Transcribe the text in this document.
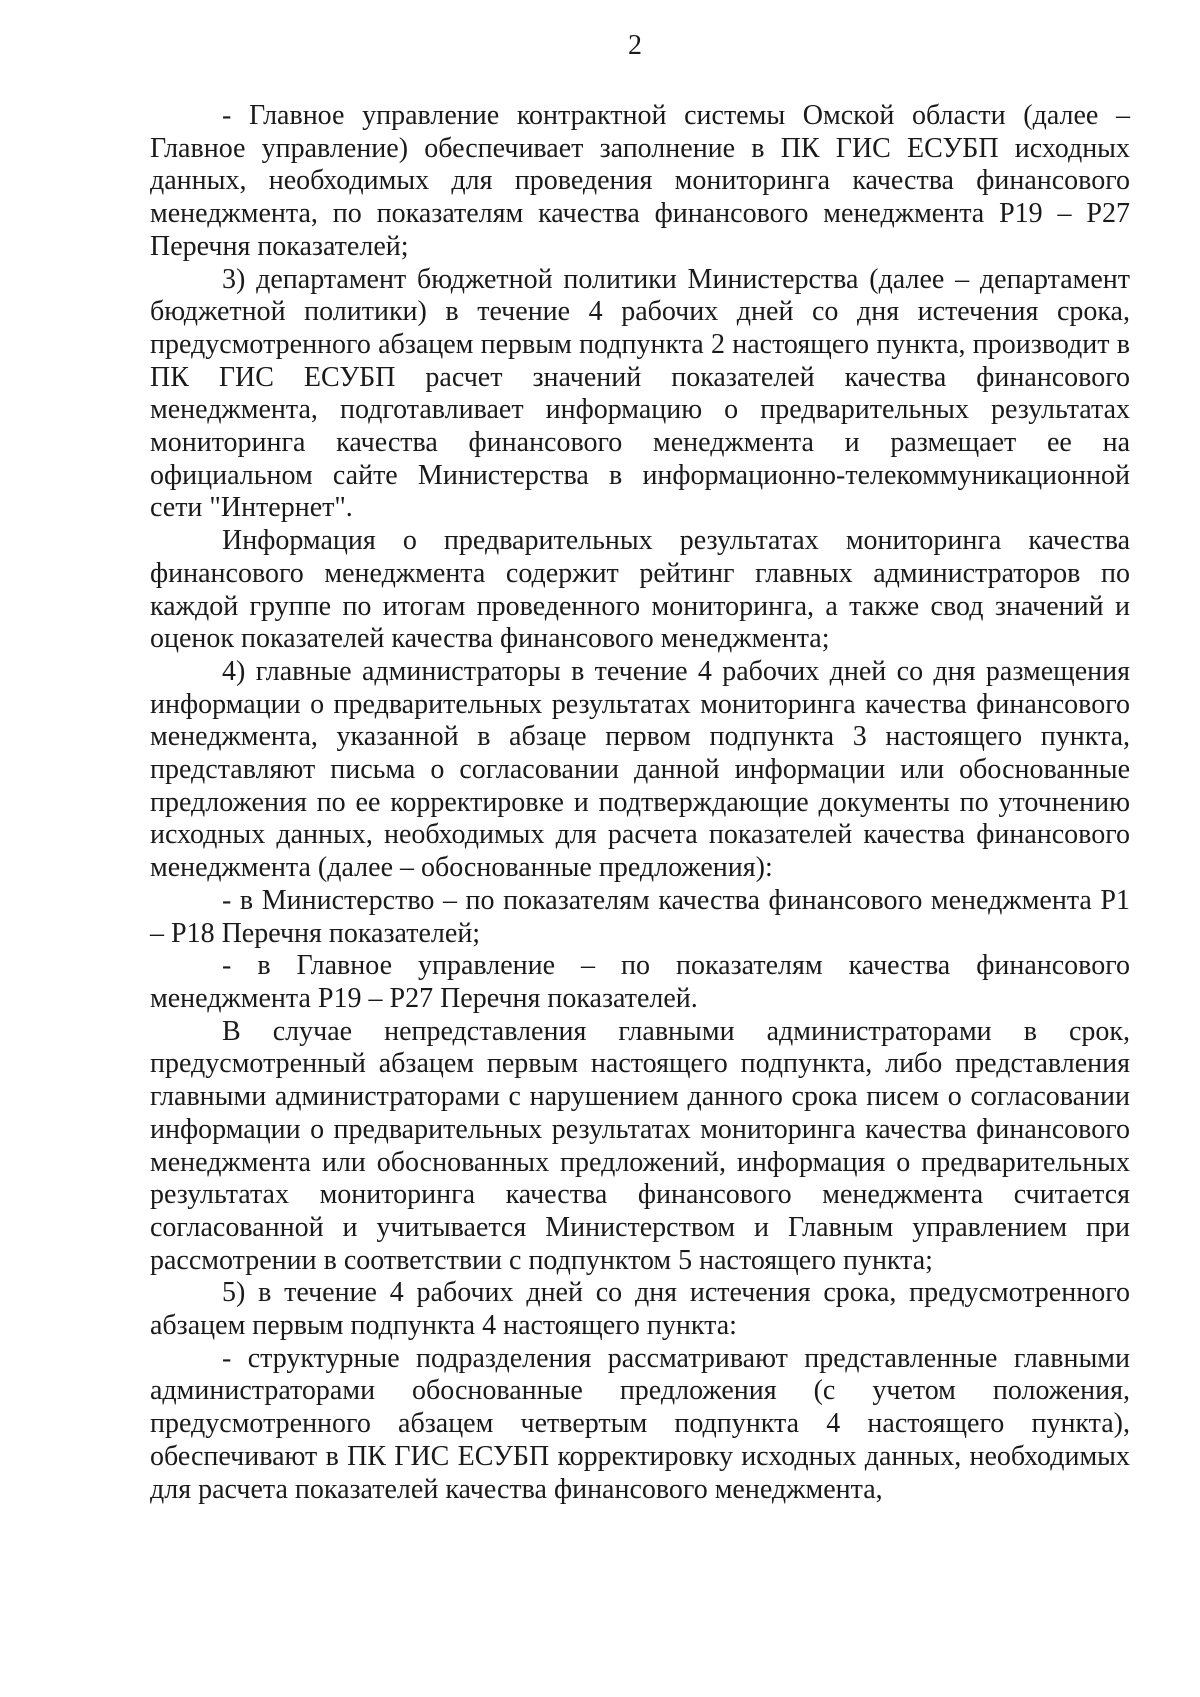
2

- Главное управление контрактной системы Омской области (далее – Главное управление) обеспечивает заполнение в ПК ГИС ЕСУБП исходных данных, необходимых для проведения мониторинга качества финансового менеджмента, по показателям качества финансового менеджмента Р19 – Р27 Перечня показателей;

3) департамент бюджетной политики Министерства (далее – департамент бюджетной политики) в течение 4 рабочих дней со дня истечения срока, предусмотренного абзацем первым подпункта 2 настоящего пункта, производит в ПК ГИС ЕСУБП расчет значений показателей качества финансового менеджмента, подготавливает информацию о предварительных результатах мониторинга качества финансового менеджмента и размещает ее на официальном сайте Министерства в информационно-телекоммуникационной сети "Интернет".

Информация о предварительных результатах мониторинга качества финансового менеджмента содержит рейтинг главных администраторов по каждой группе по итогам проведенного мониторинга, а также свод значений и оценок показателей качества финансового менеджмента;

4) главные администраторы в течение 4 рабочих дней со дня размещения информации о предварительных результатах мониторинга качества финансового менеджмента, указанной в абзаце первом подпункта 3 настоящего пункта, представляют письма о согласовании данной информации или обоснованные предложения по ее корректировке и подтверждающие документы по уточнению исходных данных, необходимых для расчета показателей качества финансового менеджмента (далее – обоснованные предложения):

- в Министерство – по показателям качества финансового менеджмента Р1 – Р18 Перечня показателей;

- в Главное управление – по показателям качества финансового менеджмента Р19 – Р27 Перечня показателей.

В случае непредставления главными администраторами в срок, предусмотренный абзацем первым настоящего подпункта, либо представления главными администраторами с нарушением данного срока писем о согласовании информации о предварительных результатах мониторинга качества финансового менеджмента или обоснованных предложений, информация о предварительных результатах мониторинга качества финансового менеджмента считается согласованной и учитывается Министерством и Главным управлением при рассмотрении в соответствии с подпунктом 5 настоящего пункта;

5) в течение 4 рабочих дней со дня истечения срока, предусмотренного абзацем первым подпункта 4 настоящего пункта:

- структурные подразделения рассматривают представленные главными администраторами обоснованные предложения (с учетом положения, предусмотренного абзацем четвертым подпункта 4 настоящего пункта), обеспечивают в ПК ГИС ЕСУБП корректировку исходных данных, необходимых для расчета показателей качества финансового менеджмента,
